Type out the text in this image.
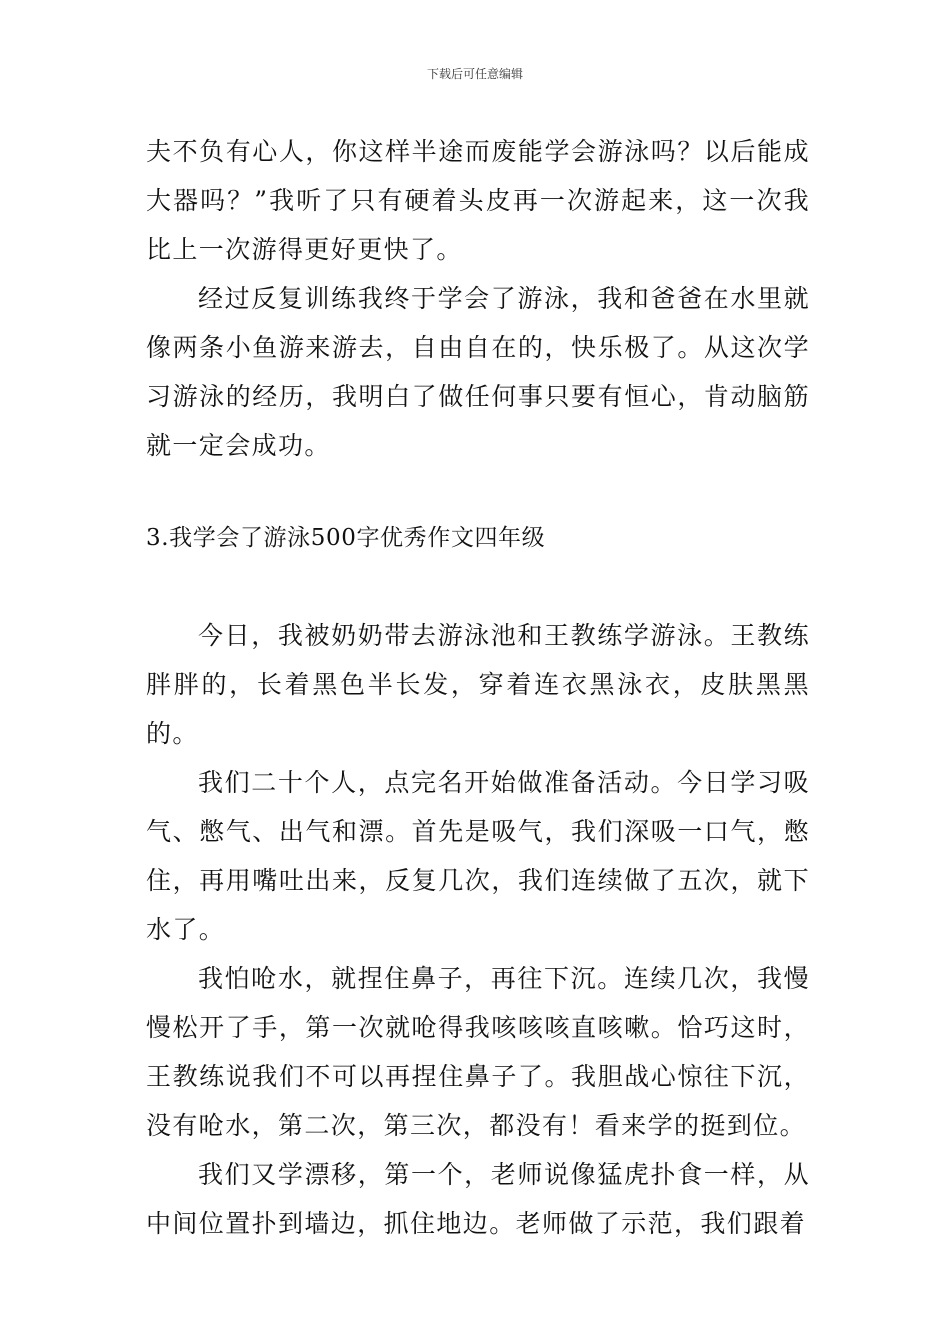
下载后可任意编辑

夫不负有心人，你这样半途而废能学会游泳吗？以后能成大器吗？”我听了只有硬着头皮再一次游起来，这一次我比上一次游得更好更快了。

经过反复训练我终于学会了游泳，我和爸爸在水里就像两条小鱼游来游去，自由自在的，快乐极了。从这次学习游泳的经历，我明白了做任何事只要有恒心，肯动脑筋就一定会成功。

3.我学会了游泳500字优秀作文四年级

今日，我被奶奶带去游泳池和王教练学游泳。王教练胖胖的，长着黑色半长发，穿着连衣黑泳衣，皮肤黑黑的。

我们二十个人，点完名开始做准备活动。今日学习吸气、憋气、出气和漂。首先是吸气，我们深吸一口气，憋住，再用嘴吐出来，反复几次，我们连续做了五次，就下水了。

我怕呛水，就捏住鼻子，再往下沉。连续几次，我慢慢松开了手，第一次就呛得我咳咳咳直咳嗽。恰巧这时，王教练说我们不可以再捏住鼻子了。我胆战心惊往下沉，没有呛水，第二次，第三次，都没有！看来学的挺到位。

我们又学漂移，第一个，老师说像猛虎扑食一样，从中间位置扑到墙边，抓住地边。老师做了示范，我们跟着
